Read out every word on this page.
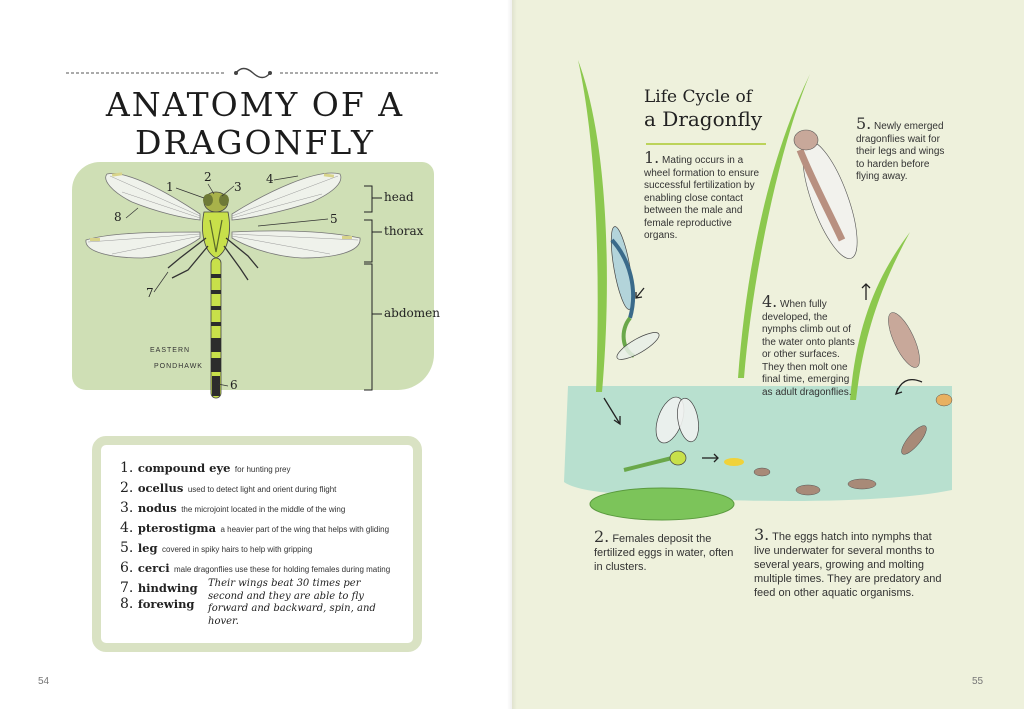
ANATOMY OF A
DRAGONFLY
1
2
3
4
5
6
7
8
head
thorax
abdomen
EASTERN
PONDHAWK
1. compound eye for hunting prey
2. ocellus used to detect light and orient during flight
3. nodus the microjoint located in the middle of the wing
4. pterostigma a heavier part of the wing that helps with gliding
5. leg covered in spiky hairs to help with gripping
6. cerci male dragonflies use these for holding females during mating
7. hindwing
8. forewing
Their wings beat 30 times per second and they are able to fly forward and backward, spin, and hover.
54
Life Cycle of
a Dragonfly
1. Mating occurs in a wheel formation to ensure successful fertilization by enabling close contact between the male and female reproductive organs.
5. Newly emerged dragonflies wait for their legs and wings to harden before flying away.
4. When fully developed, the nymphs climb out of the water onto plants or other surfaces. They then molt one final time, emerging as adult dragonflies.
2. Females deposit the fertilized eggs in water, often in clusters.
3. The eggs hatch into nymphs that live underwater for several months to several years, growing and molting multiple times. They are predatory and feed on other aquatic organisms.
55
